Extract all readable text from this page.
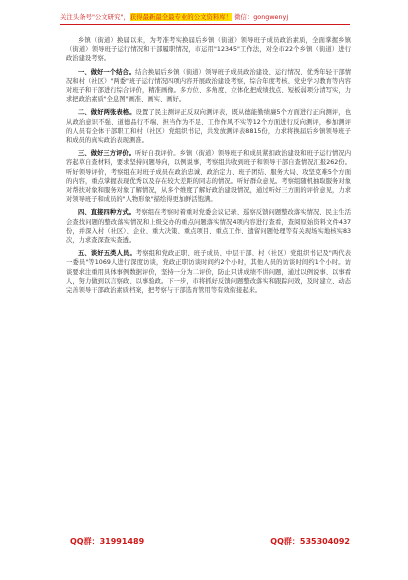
关注头条号"公文研究"，获得最新最全最专业的公文资料库！ 微信：gongwenyj

乡镇（街道）换届以来，为考准考实换届后乡镇（街道）领导班子成员政治素质，全面掌握乡镇（街道）领导班子运行情况和干部履职情况，市运用"12345"工作法，对全市22个乡镇（街道）进行政治建设考察。

一、做好一个结合。结合换届后乡镇（街道）领导班子成员政治建设、运行情况、优秀年轻干部情况和村（社区）"两委"班子运行情况四项内容开展政治建设考察，综合年度考核、党史学习教育等内容对班子和干部进行综合评价，精准画像。多方位、多角度、立体化把成绩找点、短板弱项分清写实，力求把政治素质"全息图"画准、画实、画好。

二、做好两张表格。设置了民主测评正反双向测评表，既从德能勤绩廉5个方面进行正向测评，也从政治意识不强、道德品行不端、担当作为不足、工作作风不实等12个方面进行反向测评，参加测评的人员有全体干部职工和村（社区）党组织书记，共发放测评表8815份，力求将换届后乡镇领导班子和成员的真实政治表现测准。

三、做好三方评价。听好自我评价。乡镇（街道）领导班子和成员紧扣政治建设和班子运行情况内容起草自查材料，要求坚持问题导向，以例说事，考察组共收到班子和领导干部自查情况汇报262份。听好领导评价，考察组在对班子成员在政治忠诚、政治定力、班子团结、服务大局、攻坚克难5个方面的内容，重点掌握表现优秀以及存在较大差距的同志的情况。听好群众意见。考察组随机抽取服务对象对帮扶对象和服务对象了解情况，从多个维度了解好政治建设情况，通过听好三方面的评价意见，力求对领导班子和成员的"人物形象"描绘得更加鲜活饱满。

四、直接四种方式。考察组在考察时着重对党委会议记录、巡察反馈问题整改落实情况、民主生活会查找问题的整改落实情况和上级交办的重点问题落实情况4项内容进行查看，查阅原始资料文件437份，并深入村（社区）、企业、重大决策、重点项目、重点工作、遗留问题处理等有关现场实地核实83次，力求查深查实查透。

五、谈好五类人员。考察组和党政正职、班子成员、中层干部、村（社区）党组织书记及"两代表一委员"等1069人进行深度访谈，党政正职访谈时间约2个小时，其他人员的访谈时间约1个小时。访谈要求注重用具体事例数据评价，坚持一分为二评价，防止只讲成绩不讲问题，通过以例说事、以事看人，努力做到以言察政、以事验政。下一步，市将抓好反馈问题整改落实和跟踪问效，及时建立、动态完善领导干部政治素质档案，把考察与干部选育管用等有效衔接起来。

QQ群：31991489	QQ群：535304092
